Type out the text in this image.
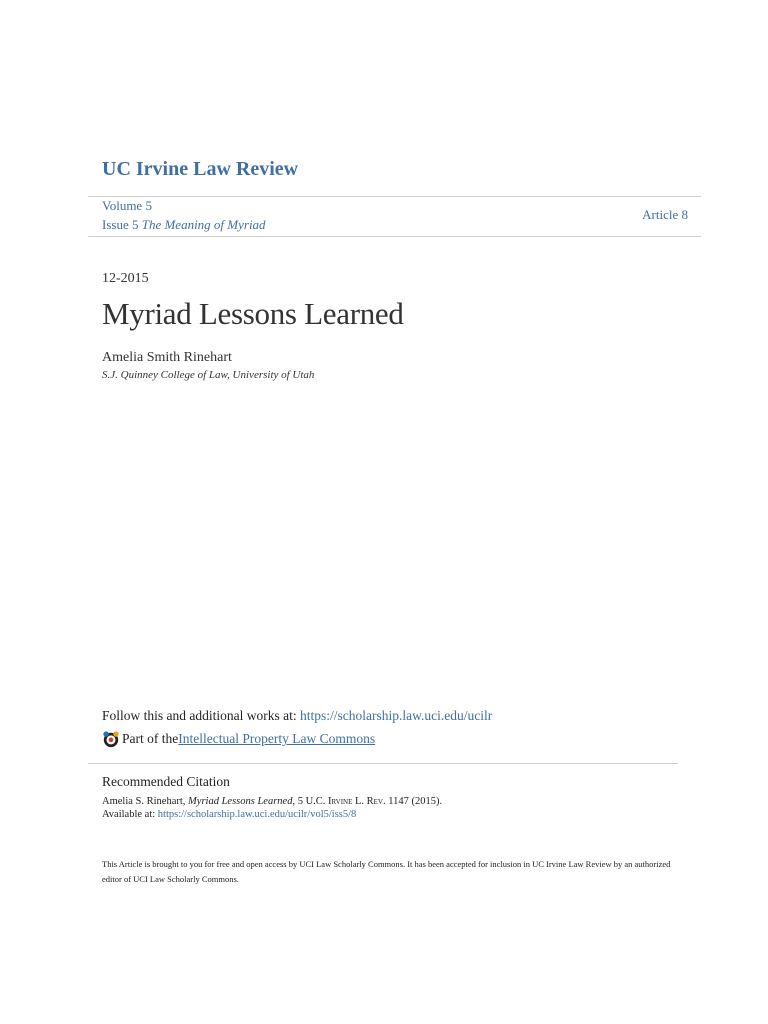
UC Irvine Law Review
Volume 5
Issue 5 The Meaning of Myriad
Article 8
12-2015
Myriad Lessons Learned
Amelia Smith Rinehart
S.J. Quinney College of Law, University of Utah
Follow this and additional works at: https://scholarship.law.uci.edu/ucilr
Part of the Intellectual Property Law Commons
Recommended Citation
Amelia S. Rinehart, Myriad Lessons Learned, 5 U.C. Irvine L. Rev. 1147 (2015).
Available at: https://scholarship.law.uci.edu/ucilr/vol5/iss5/8
This Article is brought to you for free and open access by UCI Law Scholarly Commons. It has been accepted for inclusion in UC Irvine Law Review by an authorized editor of UCI Law Scholarly Commons.
